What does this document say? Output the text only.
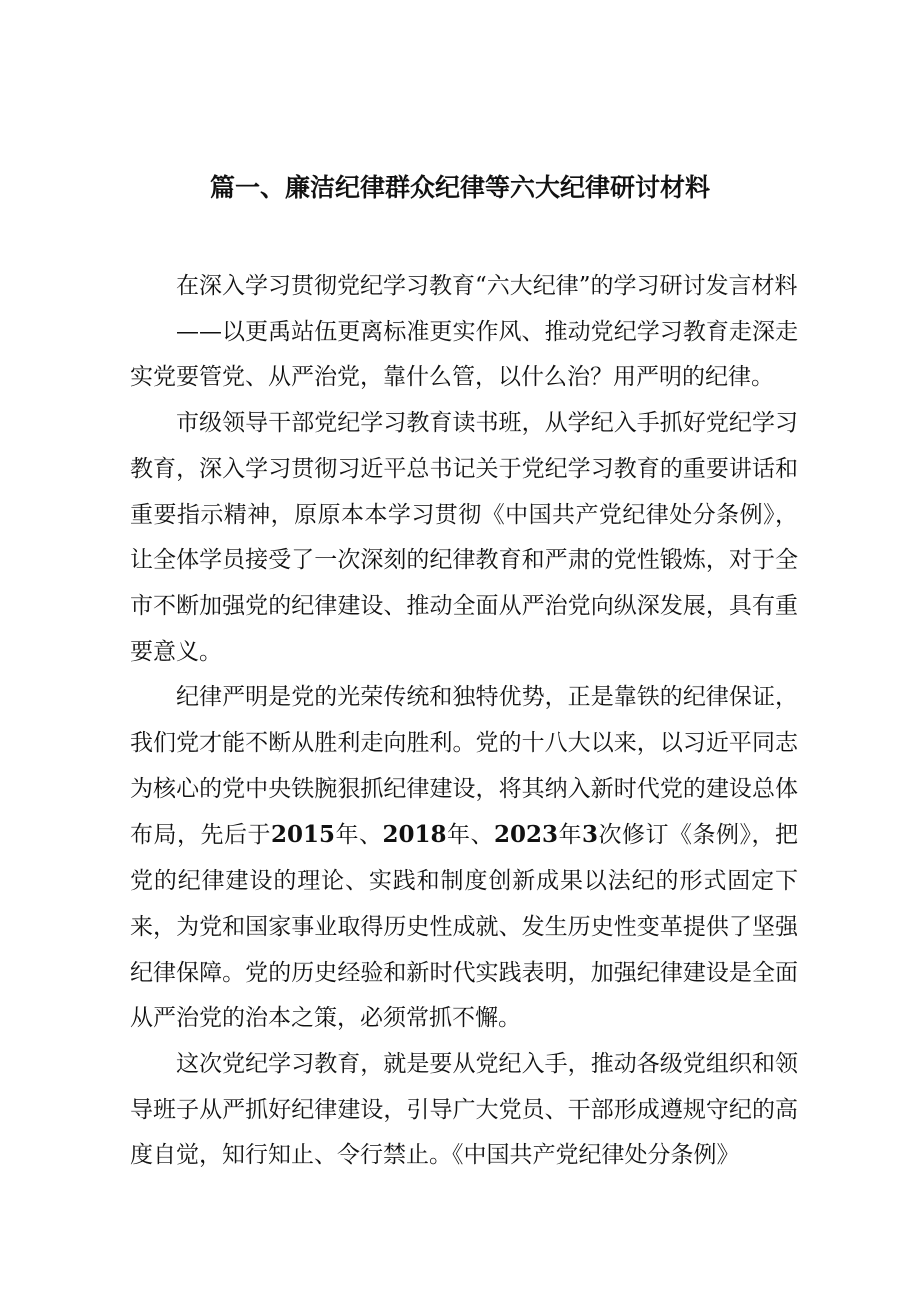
篇一、廉洁纪律群众纪律等六大纪律研讨材料

在深入学习贯彻党纪学习教育“六大纪律”的学习研讨发言材料

——以更禹站伍更离标准更实作风、推动党纪学习教育走深走实党要管党、从严治党，靠什么管，以什么治？用严明的纪律。

市级领导干部党纪学习教育读书班，从学纪入手抓好党纪学习教育，深入学习贯彻习近平总书记关于党纪学习教育的重要讲话和重要指示精神，原原本本学习贯彻《中国共产党纪律处分条例》，让全体学员接受了一次深刻的纪律教育和严肃的党性锻炼，对于全市不断加强党的纪律建设、推动全面从严治党向纵深发展，具有重要意义。

纪律严明是党的光荣传统和独特优势，正是靠铁的纪律保证，我们党才能不断从胜利走向胜利。党的十八大以来，以习近平同志为核心的党中央铁腕狠抓纪律建设，将其纳入新时代党的建设总体布局，先后于2015年、2018年、2023年3次修订《条例》，把党的纪律建设的理论、实践和制度创新成果以法纪的形式固定下来，为党和国家事业取得历史性成就、发生历史性变革提供了坚强纪律保障。党的历史经验和新时代实践表明，加强纪律建设是全面从严治党的治本之策，必须常抓不懈。

这次党纪学习教育，就是要从党纪入手，推动各级党组织和领导班子从严抓好纪律建设，引导广大党员、干部形成遵规守纪的高度自觉，知行知止、令行禁止。《中国共产党纪律处分条例》
